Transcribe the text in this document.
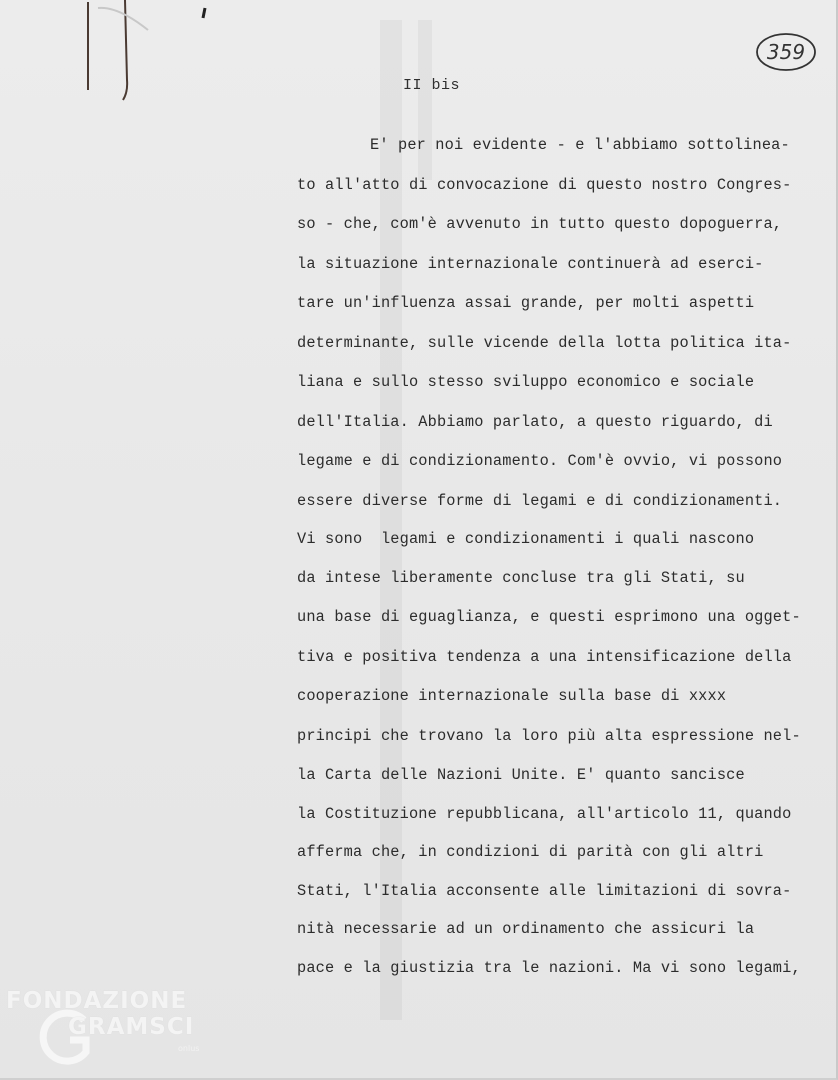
359
II bis
E' per noi evidente - e l'abbiamo sottolinea-
to all'atto di convocazione di questo nostro Congres-
so - che, com'è avvenuto in tutto questo dopoguerra,
la situazione internazionale continuerà ad eserci-
tare un'influenza assai grande, per molti aspetti
determinante, sulle vicende della lotta politica ita-
liana e sullo stesso sviluppo economico e sociale
dell'Italia. Abbiamo parlato, a questo riguardo, di
legame e di condizionamento. Com'è ovvio, vi possono
essere diverse forme di legami e di condizionamenti.
Vi sono  legami e condizionamenti i quali nascono
da intese liberamente concluse tra gli Stati, su
una base di eguaglianza, e questi esprimono una ogget-
tiva e positiva tendenza a una intensificazione della
cooperazione internazionale sulla base di xxxx
principi che trovano la loro più alta espressione nel-
la Carta delle Nazioni Unite. E' quanto sancisce
la Costituzione repubblicana, all'articolo 11, quando
afferma che, in condizioni di parità con gli altri
Stati, l'Italia acconsente alle limitazioni di sovra-
nità necessarie ad un ordinamento che assicuri la
pace e la giustizia tra le nazioni. Ma vi sono legami,
FONDAZIONE
GRAMSCI
onlus
